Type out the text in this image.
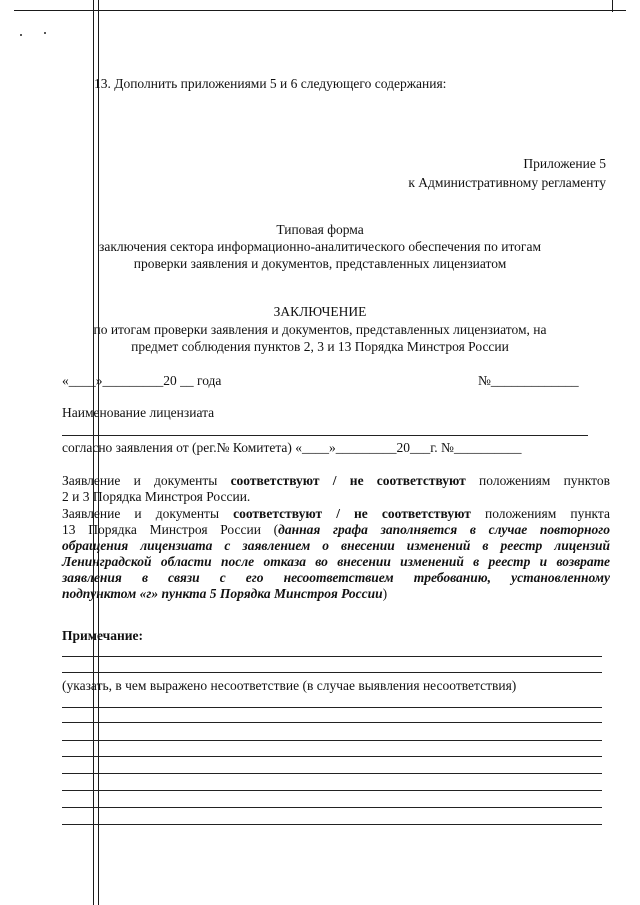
13. Дополнить приложениями 5 и 6 следующего содержания:
Приложение 5
к Административному регламенту
Типовая форма
заключения сектора информационно-аналитического обеспечения по итогам
проверки заявления и документов, представленных лицензиатом
ЗАКЛЮЧЕНИЕ
по итогам проверки заявления и документов, представленных лицензиатом, на
предмет соблюдения пунктов 2, 3 и 13 Порядка Минстроя России
«____»_________20 __ года	№_____________
Наименование лицензиата
согласно заявления от (рег.№ Комитета) «____»_________20___г. №__________
Заявление и документы соответствуют / не соответствуют положениям пунктов
2 и 3 Порядка Минстроя России.
Заявление и документы соответствуют / не соответствуют положениям пункта
13 Порядка Минстроя России (данная графа заполняется в случае повторного
обращения лицензиата с заявлением о внесении изменений в реестр лицензий
Ленинградской области после отказа во внесении изменений в реестр и возврате
заявления в связи с его несоответствием требованию, установленному
подпунктом «г» пункта 5 Порядка Минстроя России)
Примечание:
(указать, в чем выражено несоответствие (в случае выявления несоответствия)
